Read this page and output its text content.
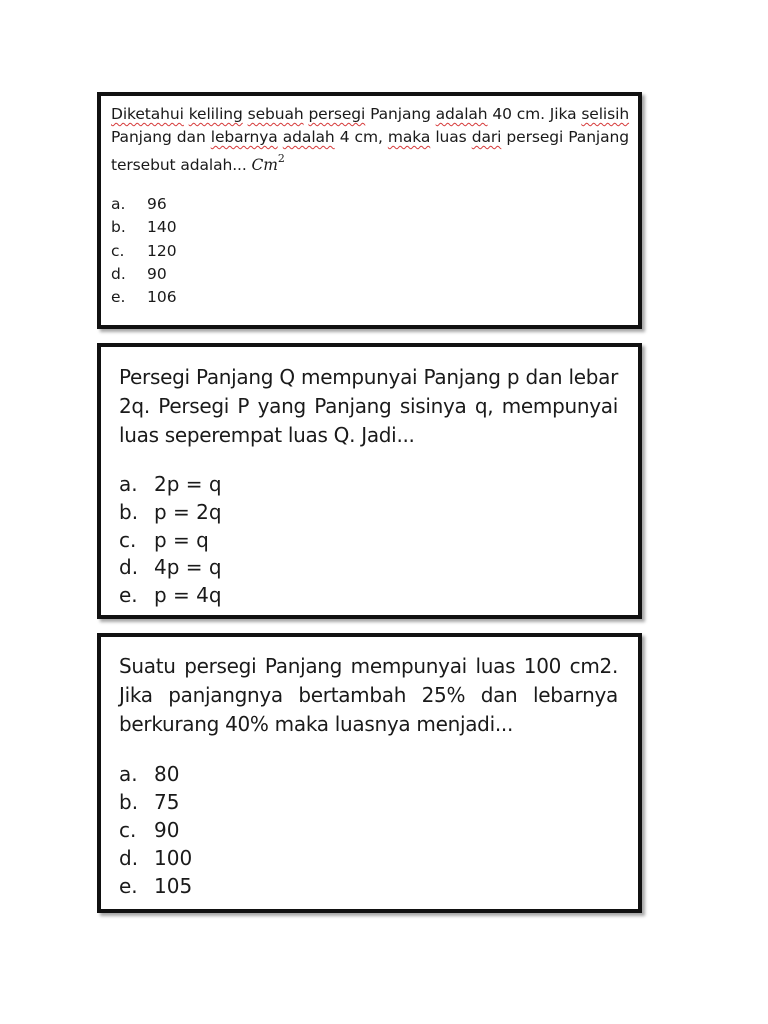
Diketahui keliling sebuah persegi Panjang adalah 40 cm. Jika selisih Panjang dan lebarnya adalah 4 cm, maka luas dari persegi Panjang tersebut adalah... Cm$^2$

a. 96
b. 140
c. 120
d. 90
e. 106

Persegi Panjang Q mempunyai Panjang p dan lebar 2q. Persegi P yang Panjang sisinya q, mempunyai luas seperempat luas Q. Jadi...

a. 2p = q
b. p = 2q
c. p = q
d. 4p = q
e. p = 4q

Suatu persegi Panjang mempunyai luas 100 cm2. Jika panjangnya bertambah 25% dan lebarnya berkurang 40% maka luasnya menjadi...

a. 80
b. 75
c. 90
d. 100
e. 105
